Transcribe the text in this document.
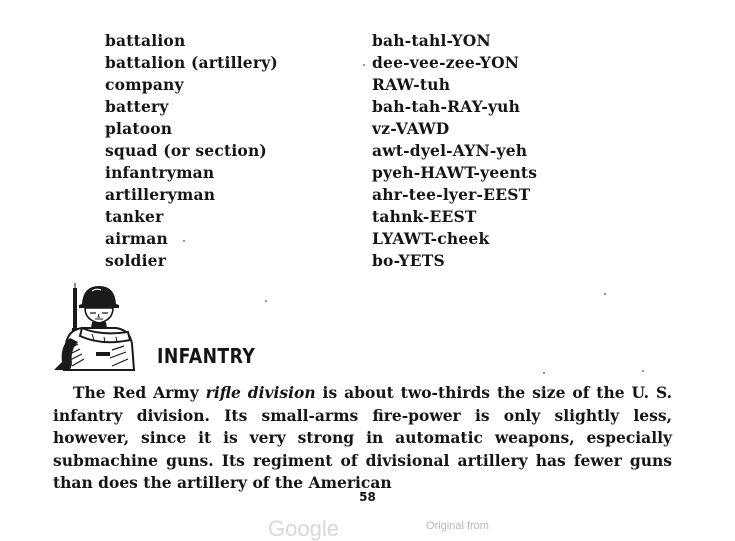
battalion	bah-tahl-YON
battalion (artillery)	dee-vee-zee-YON
company	RAW-tuh
battery	bah-tah-RAY-yuh
platoon	vz-VAWD
squad (or section)	awt-dyel-AYN-yeh
infantryman	pyeh-HAWT-yeents
artilleryman	ahr-tee-lyer-EEST
tanker	tahnk-EEST
airman	LYAWT-cheek
soldier	bo-YETS
INFANTRY

The Red Army rifle division is about two-thirds the size of the U. S. infantry division. Its small-arms fire-power is only slightly less, however, since it is very strong in automatic weapons, especially submachine guns. Its regiment of divisional artillery has fewer guns than does the artillery of the American

58
Google	Original from
